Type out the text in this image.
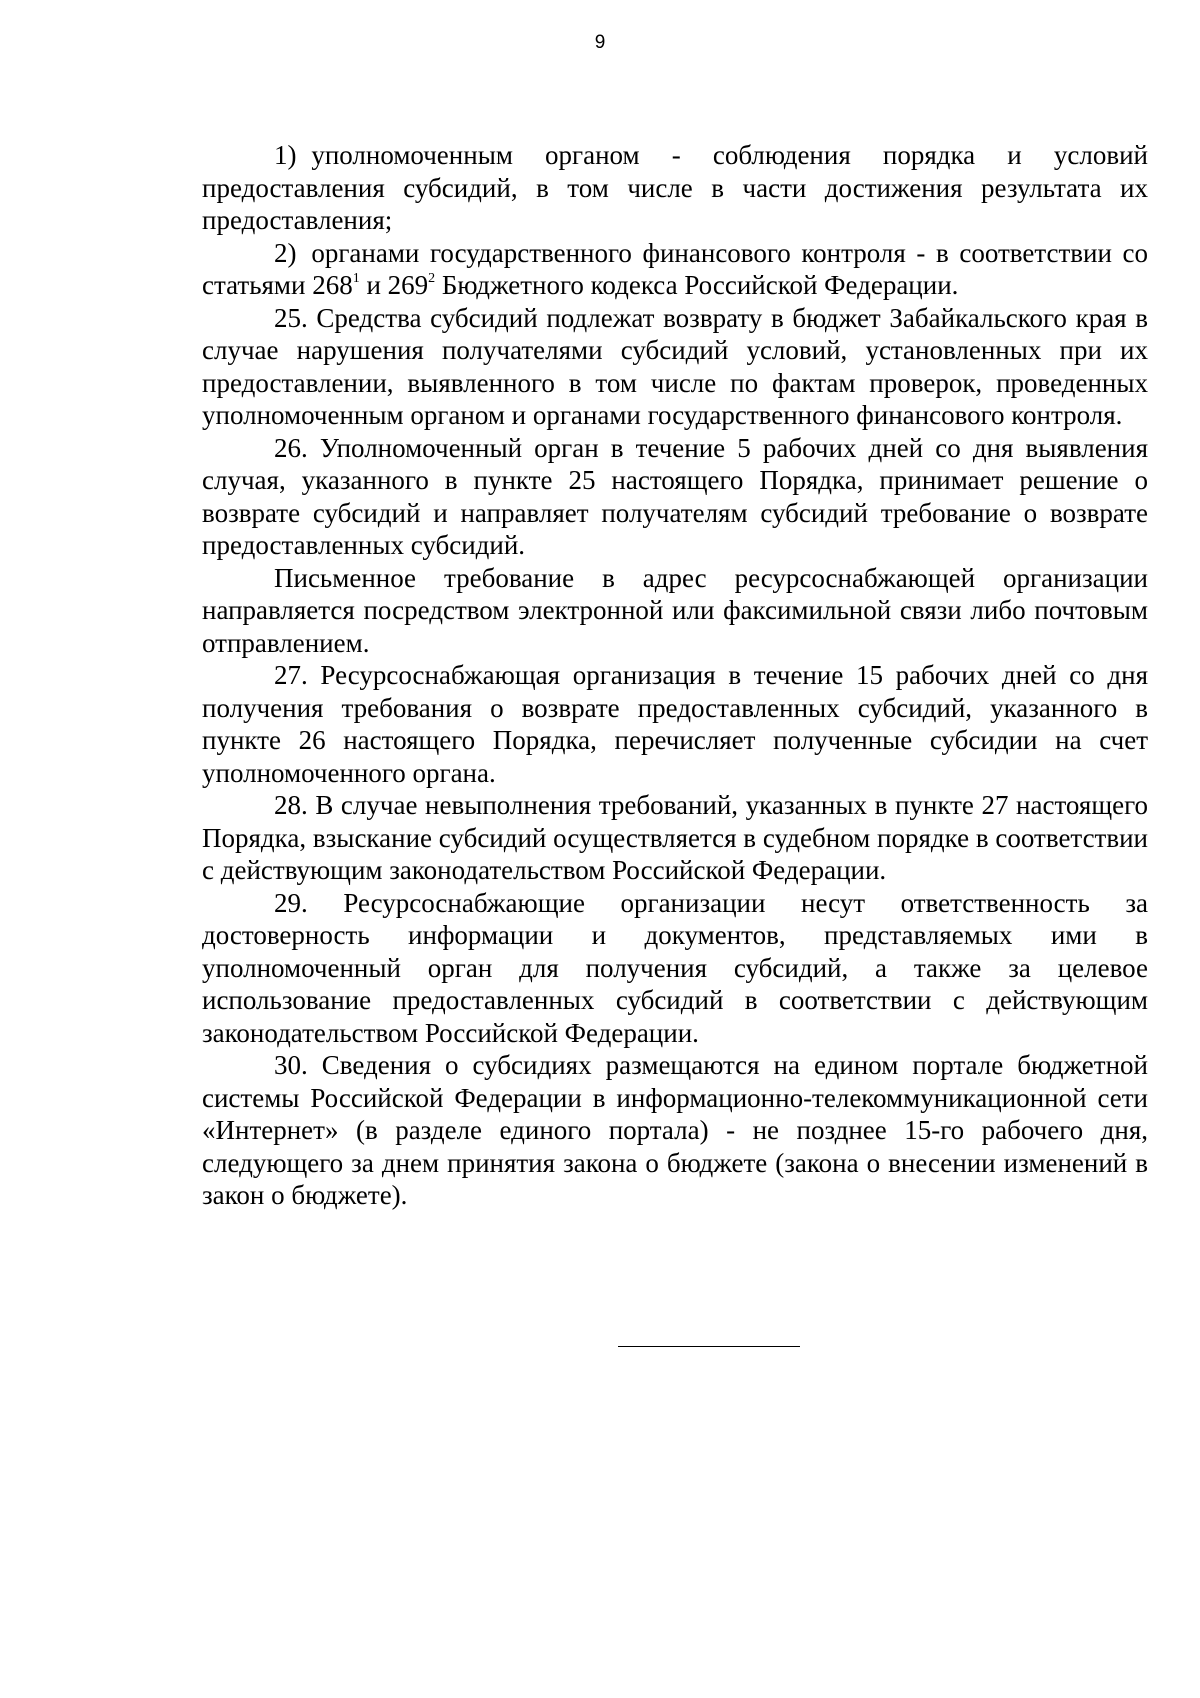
9

1) уполномоченным органом - соблюдения порядка и условий предоставления субсидий, в том числе в части достижения результата их предоставления;

2) органами государственного финансового контроля - в соответствии со статьями $268^1$ и $269^2$ Бюджетного кодекса Российской Федерации.

25. Средства субсидий подлежат возврату в бюджет Забайкальского края в случае нарушения получателями субсидий условий, установленных при их предоставлении, выявленного в том числе по фактам проверок, проведенных уполномоченным органом и органами государственного финансового контроля.

26. Уполномоченный орган в течение 5 рабочих дней со дня выявления случая, указанного в пункте 25 настоящего Порядка, принимает решение о возврате субсидий и направляет получателям субсидий требование о возврате предоставленных субсидий.

Письменное требование в адрес ресурсоснабжающей организации направляется посредством электронной или факсимильной связи либо почтовым отправлением.

27. Ресурсоснабжающая организация в течение 15 рабочих дней со дня получения требования о возврате предоставленных субсидий, указанного в пункте 26 настоящего Порядка, перечисляет полученные субсидии на счет уполномоченного органа.

28. В случае невыполнения требований, указанных в пункте 27 настоящего Порядка, взыскание субсидий осуществляется в судебном порядке в соответствии с действующим законодательством Российской Федерации.

29. Ресурсоснабжающие организации несут ответственность за достоверность информации и документов, представляемых ими в уполномоченный орган для получения субсидий, а также за целевое использование предоставленных субсидий в соответствии с действующим законодательством Российской Федерации.

30. Сведения о субсидиях размещаются на едином портале бюджетной системы Российской Федерации в информационно-телекоммуникационной сети «Интернет» (в разделе единого портала) - не позднее 15-го рабочего дня, следующего за днем принятия закона о бюджете (закона о внесении изменений в закон о бюджете).
